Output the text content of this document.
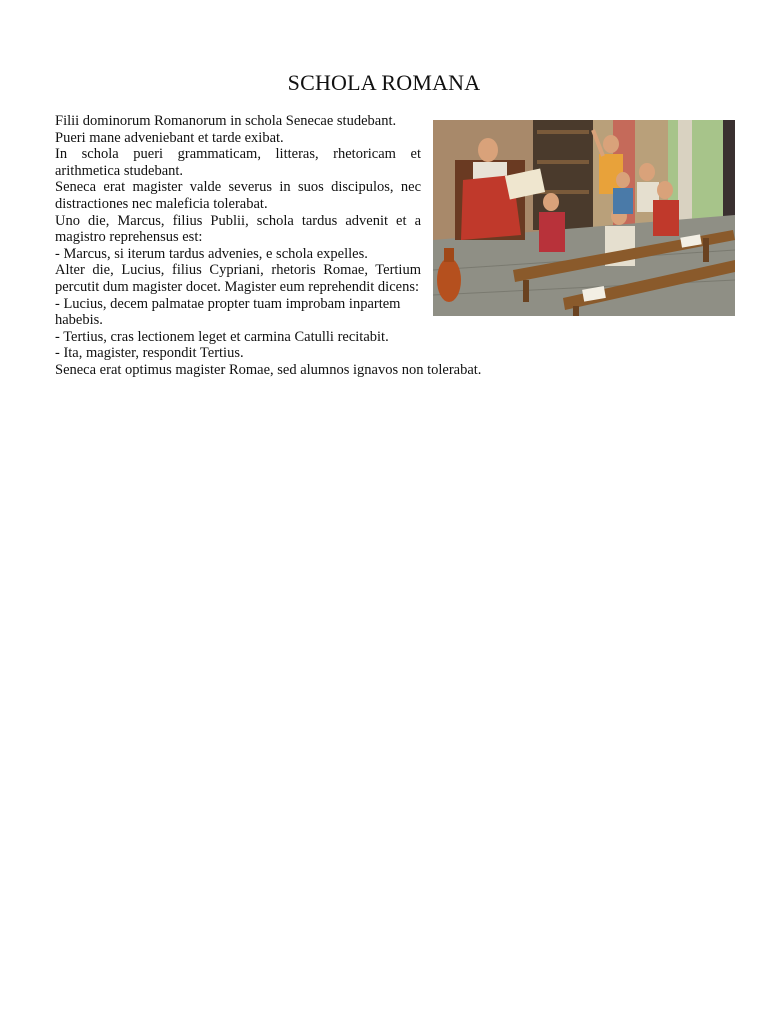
SCHOLA ROMANA

Filii dominorum Romanorum in schola Senecae studebant.

Pueri mane adveniebant et tarde exibat.

In schola pueri grammaticam, litteras, rhetoricam et arithmetica studebant.

Seneca erat magister valde severus in suos discipulos, nec distractiones nec maleficia tolerabat.

Uno die, Marcus, filius Publii, schola tardus advenit et a magistro reprehensus est:

- Marcus, si iterum tardus advenies, e schola expelles.

Alter die, Lucius, filius Cypriani, rhetoris Romae, Tertium percutit dum magister docet. Magister eum reprehendit dicens:

- Lucius, decem palmatae propter tuam improbam inpartem habebis.

- Tertius, cras lectionem leget et carmina Catulli recitabit.

- Ita, magister, respondit Tertius.

Seneca erat optimus magister Romae, sed alumnos ignavos non tolerabat.
